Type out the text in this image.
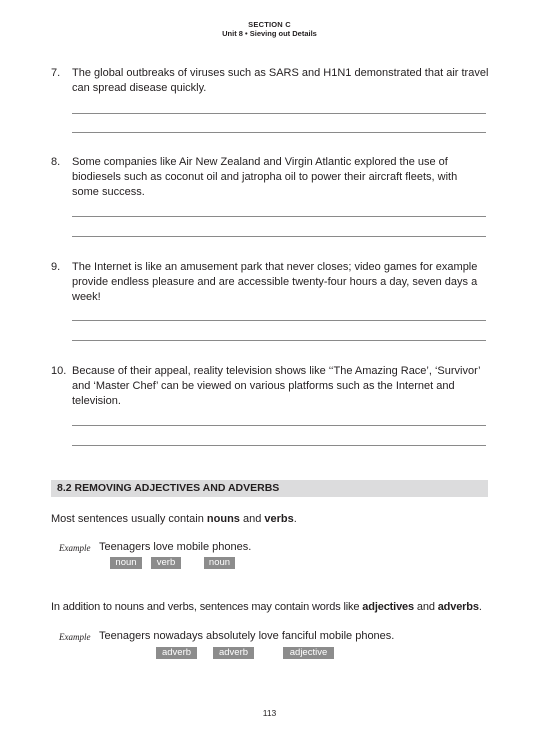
SECTION C
Unit 8 • Sieving out Details
7. The global outbreaks of viruses such as SARS and H1N1 demonstrated that air travel
can spread disease quickly.
8. Some companies like Air New Zealand and Virgin Atlantic explored the use of
biodiesels such as coconut oil and jatropha oil to power their aircraft fleets, with
some success.
9. The Internet is like an amusement park that never closes; video games for example
provide endless pleasure and are accessible twenty-four hours a day, seven days a
week!
10. Because of their appeal, reality television shows like ‘‘The Amazing Race’, ‘Survivor’
and ‘Master Chef’ can be viewed on various platforms such as the Internet and
television.
8.2 REMOVING ADJECTIVES AND ADVERBS
Most sentences usually contain nouns and verbs.
Example Teenagers love mobile phones.
noun	verb	noun
In addition to nouns and verbs, sentences may contain words like adjectives and adverbs.
Example Teenagers nowadays absolutely love fanciful mobile phones.
adverb	adverb	adjective
113
